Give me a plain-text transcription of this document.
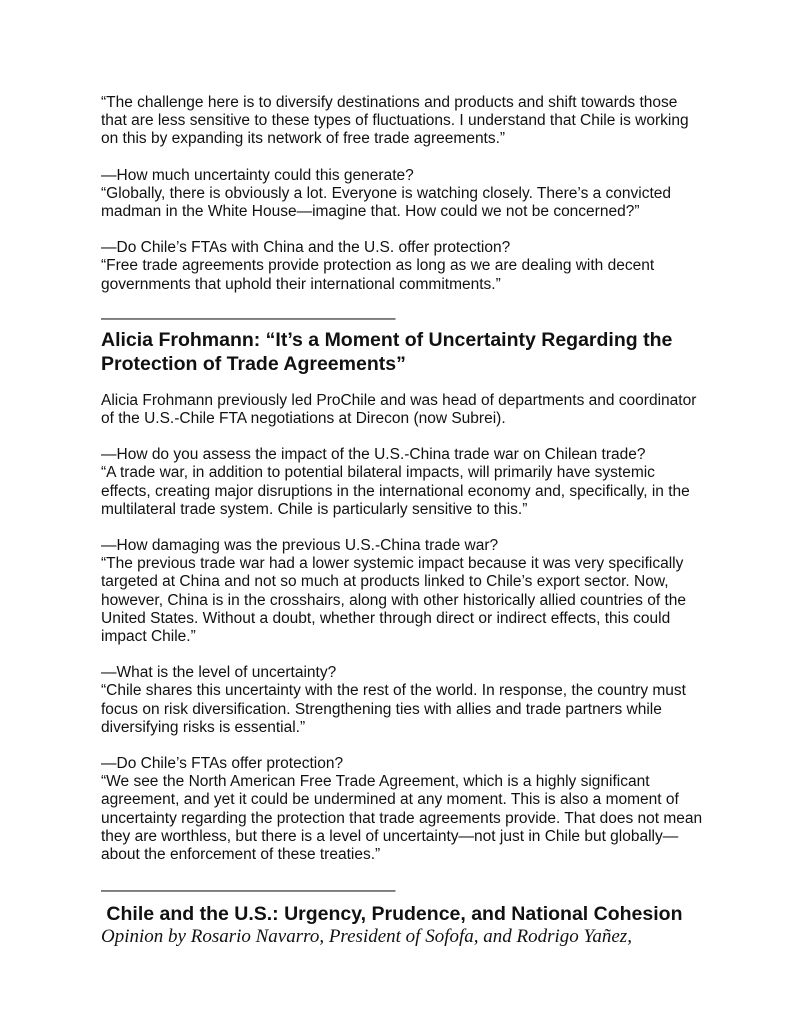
“The challenge here is to diversify destinations and products and shift towards those
that are less sensitive to these types of fluctuations. I understand that Chile is working
on this by expanding its network of free trade agreements.”

—How much uncertainty could this generate?
“Globally, there is obviously a lot. Everyone is watching closely. There’s a convicted
madman in the White House—imagine that. How could we not be concerned?”

—Do Chile’s FTAs with China and the U.S. offer protection?
“Free trade agreements provide protection as long as we are dealing with decent
governments that uphold their international commitments.”

———————————————————

Alicia Frohmann: “It’s a Moment of Uncertainty Regarding the
Protection of Trade Agreements”

Alicia Frohmann previously led ProChile and was head of departments and coordinator
of the U.S.-Chile FTA negotiations at Direcon (now Subrei).

—How do you assess the impact of the U.S.-China trade war on Chilean trade?
“A trade war, in addition to potential bilateral impacts, will primarily have systemic
effects, creating major disruptions in the international economy and, specifically, in the
multilateral trade system. Chile is particularly sensitive to this.”

—How damaging was the previous U.S.-China trade war?
“The previous trade war had a lower systemic impact because it was very specifically
targeted at China and not so much at products linked to Chile’s export sector. Now,
however, China is in the crosshairs, along with other historically allied countries of the
United States. Without a doubt, whether through direct or indirect effects, this could
impact Chile.”

—What is the level of uncertainty?
“Chile shares this uncertainty with the rest of the world. In response, the country must
focus on risk diversification. Strengthening ties with allies and trade partners while
diversifying risks is essential.”

—Do Chile’s FTAs offer protection?
“We see the North American Free Trade Agreement, which is a highly significant
agreement, and yet it could be undermined at any moment. This is also a moment of
uncertainty regarding the protection that trade agreements provide. That does not mean
they are worthless, but there is a level of uncertainty—not just in Chile but globally—
about the enforcement of these treaties.”

———————————————————

Chile and the U.S.: Urgency, Prudence, and National Cohesion

Opinion by Rosario Navarro, President of Sofofa, and Rodrigo Yañez,
